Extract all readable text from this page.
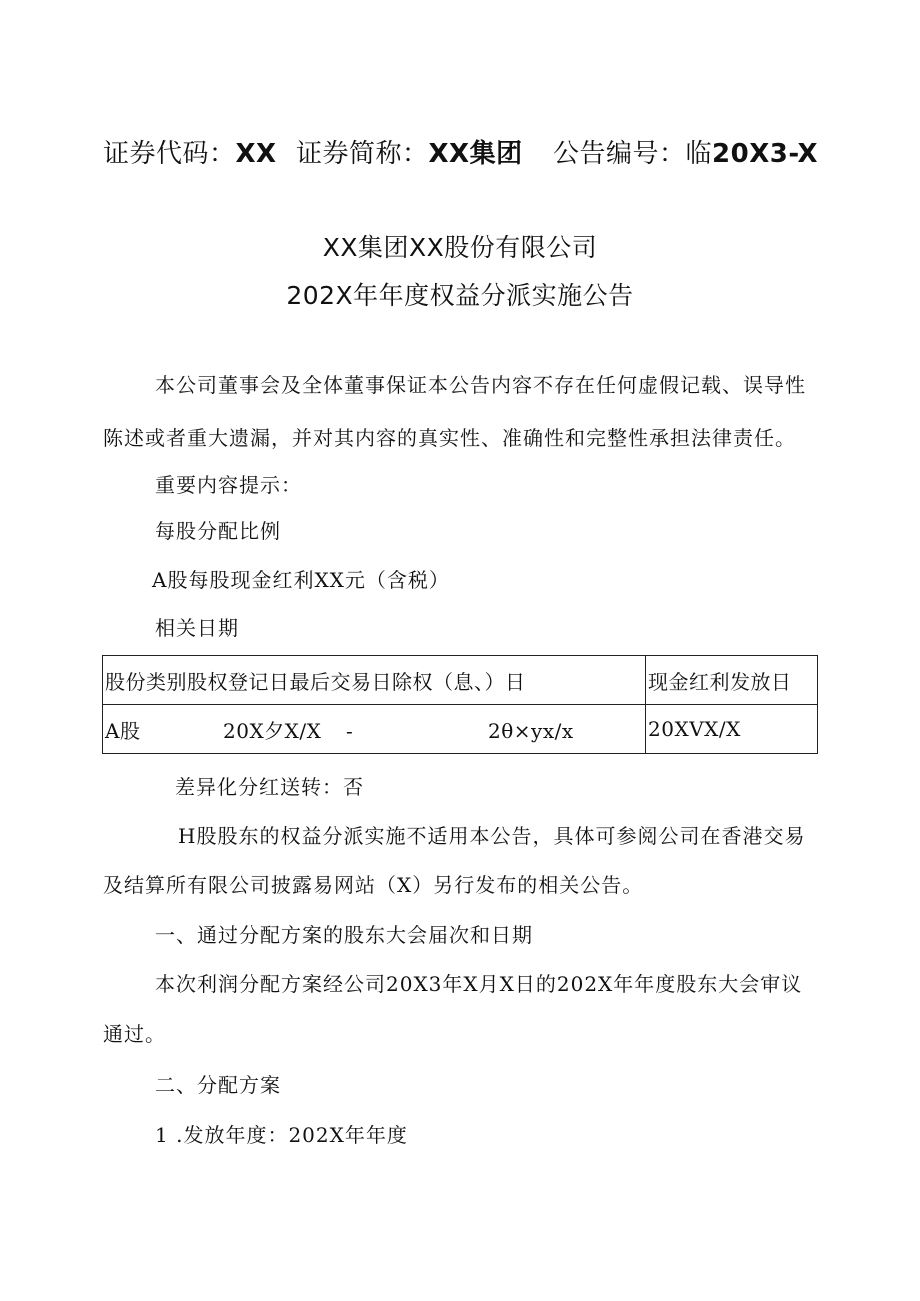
证券代码：XX 证券简称：XX集团 公告编号：临20X3-X
XX集团XX股份有限公司
202X年年度权益分派实施公告
本公司董事会及全体董事保证本公告内容不存在任何虚假记载、误导性
陈述或者重大遗漏，并对其内容的真实性、准确性和完整性承担法律责任。
重要内容提示：
每股分配比例
A股每股现金红利XX元（含税）
相关日期
股份类别股权登记日最后交易日除权（息、）日	现金红利发放日
A股 20X夕X/X - 2θ×yx/x	20XVX/X
差异化分红送转：否
H股股东的权益分派实施不适用本公告，具体可参阅公司在香港交易
及结算所有限公司披露易网站（X）另行发布的相关公告。
一、通过分配方案的股东大会届次和日期
本次利润分配方案经公司20X3年X月X日的202X年年度股东大会审议
通过。
二、分配方案
1 .发放年度：202X年年度
